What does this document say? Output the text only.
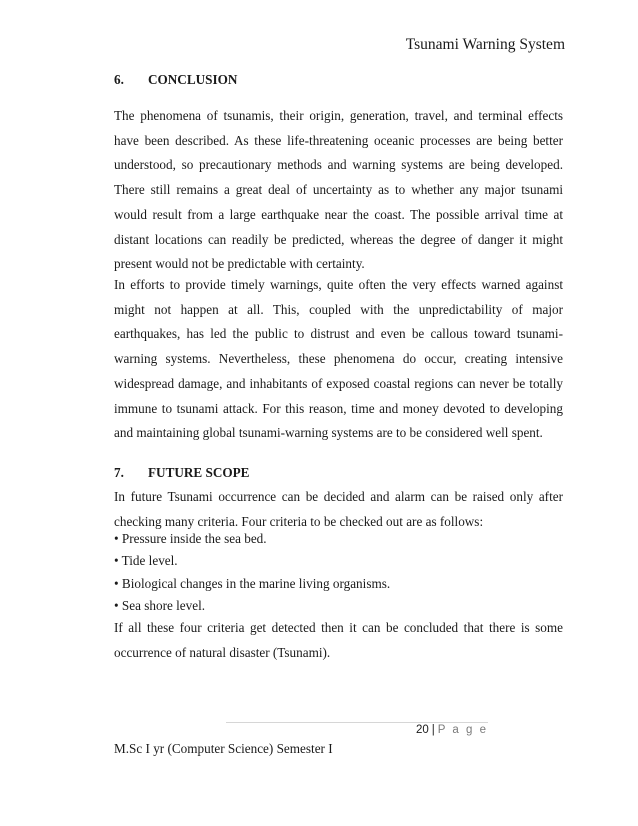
Tsunami Warning System
6. CONCLUSION

The phenomena of tsunamis, their origin, generation, travel, and terminal effects have been described. As these life-threatening oceanic processes are being better understood, so precautionary methods and warning systems are being developed. There still remains a great deal of uncertainty as to whether any major tsunami would result from a large earthquake near the coast. The possible arrival time at distant locations can readily be predicted, whereas the degree of danger it might present would not be predictable with certainty.

In efforts to provide timely warnings, quite often the very effects warned against might not happen at all. This, coupled with the unpredictability of major earthquakes, has led the public to distrust and even be callous toward tsunami-warning systems. Nevertheless, these phenomena do occur, creating intensive widespread damage, and inhabitants of exposed coastal regions can never be totally immune to tsunami attack. For this reason, time and money devoted to developing and maintaining global tsunami-warning systems are to be considered well spent.

7. FUTURE SCOPE

In future Tsunami occurrence can be decided and alarm can be raised only after checking many criteria. Four criteria to be checked out are as follows:

• Pressure inside the sea bed.
• Tide level.
• Biological changes in the marine living organisms.
• Sea shore level.

If all these four criteria get detected then it can be concluded that there is some occurrence of natural disaster (Tsunami).

20 | P a g e
M.Sc I yr (Computer Science) Semester I
